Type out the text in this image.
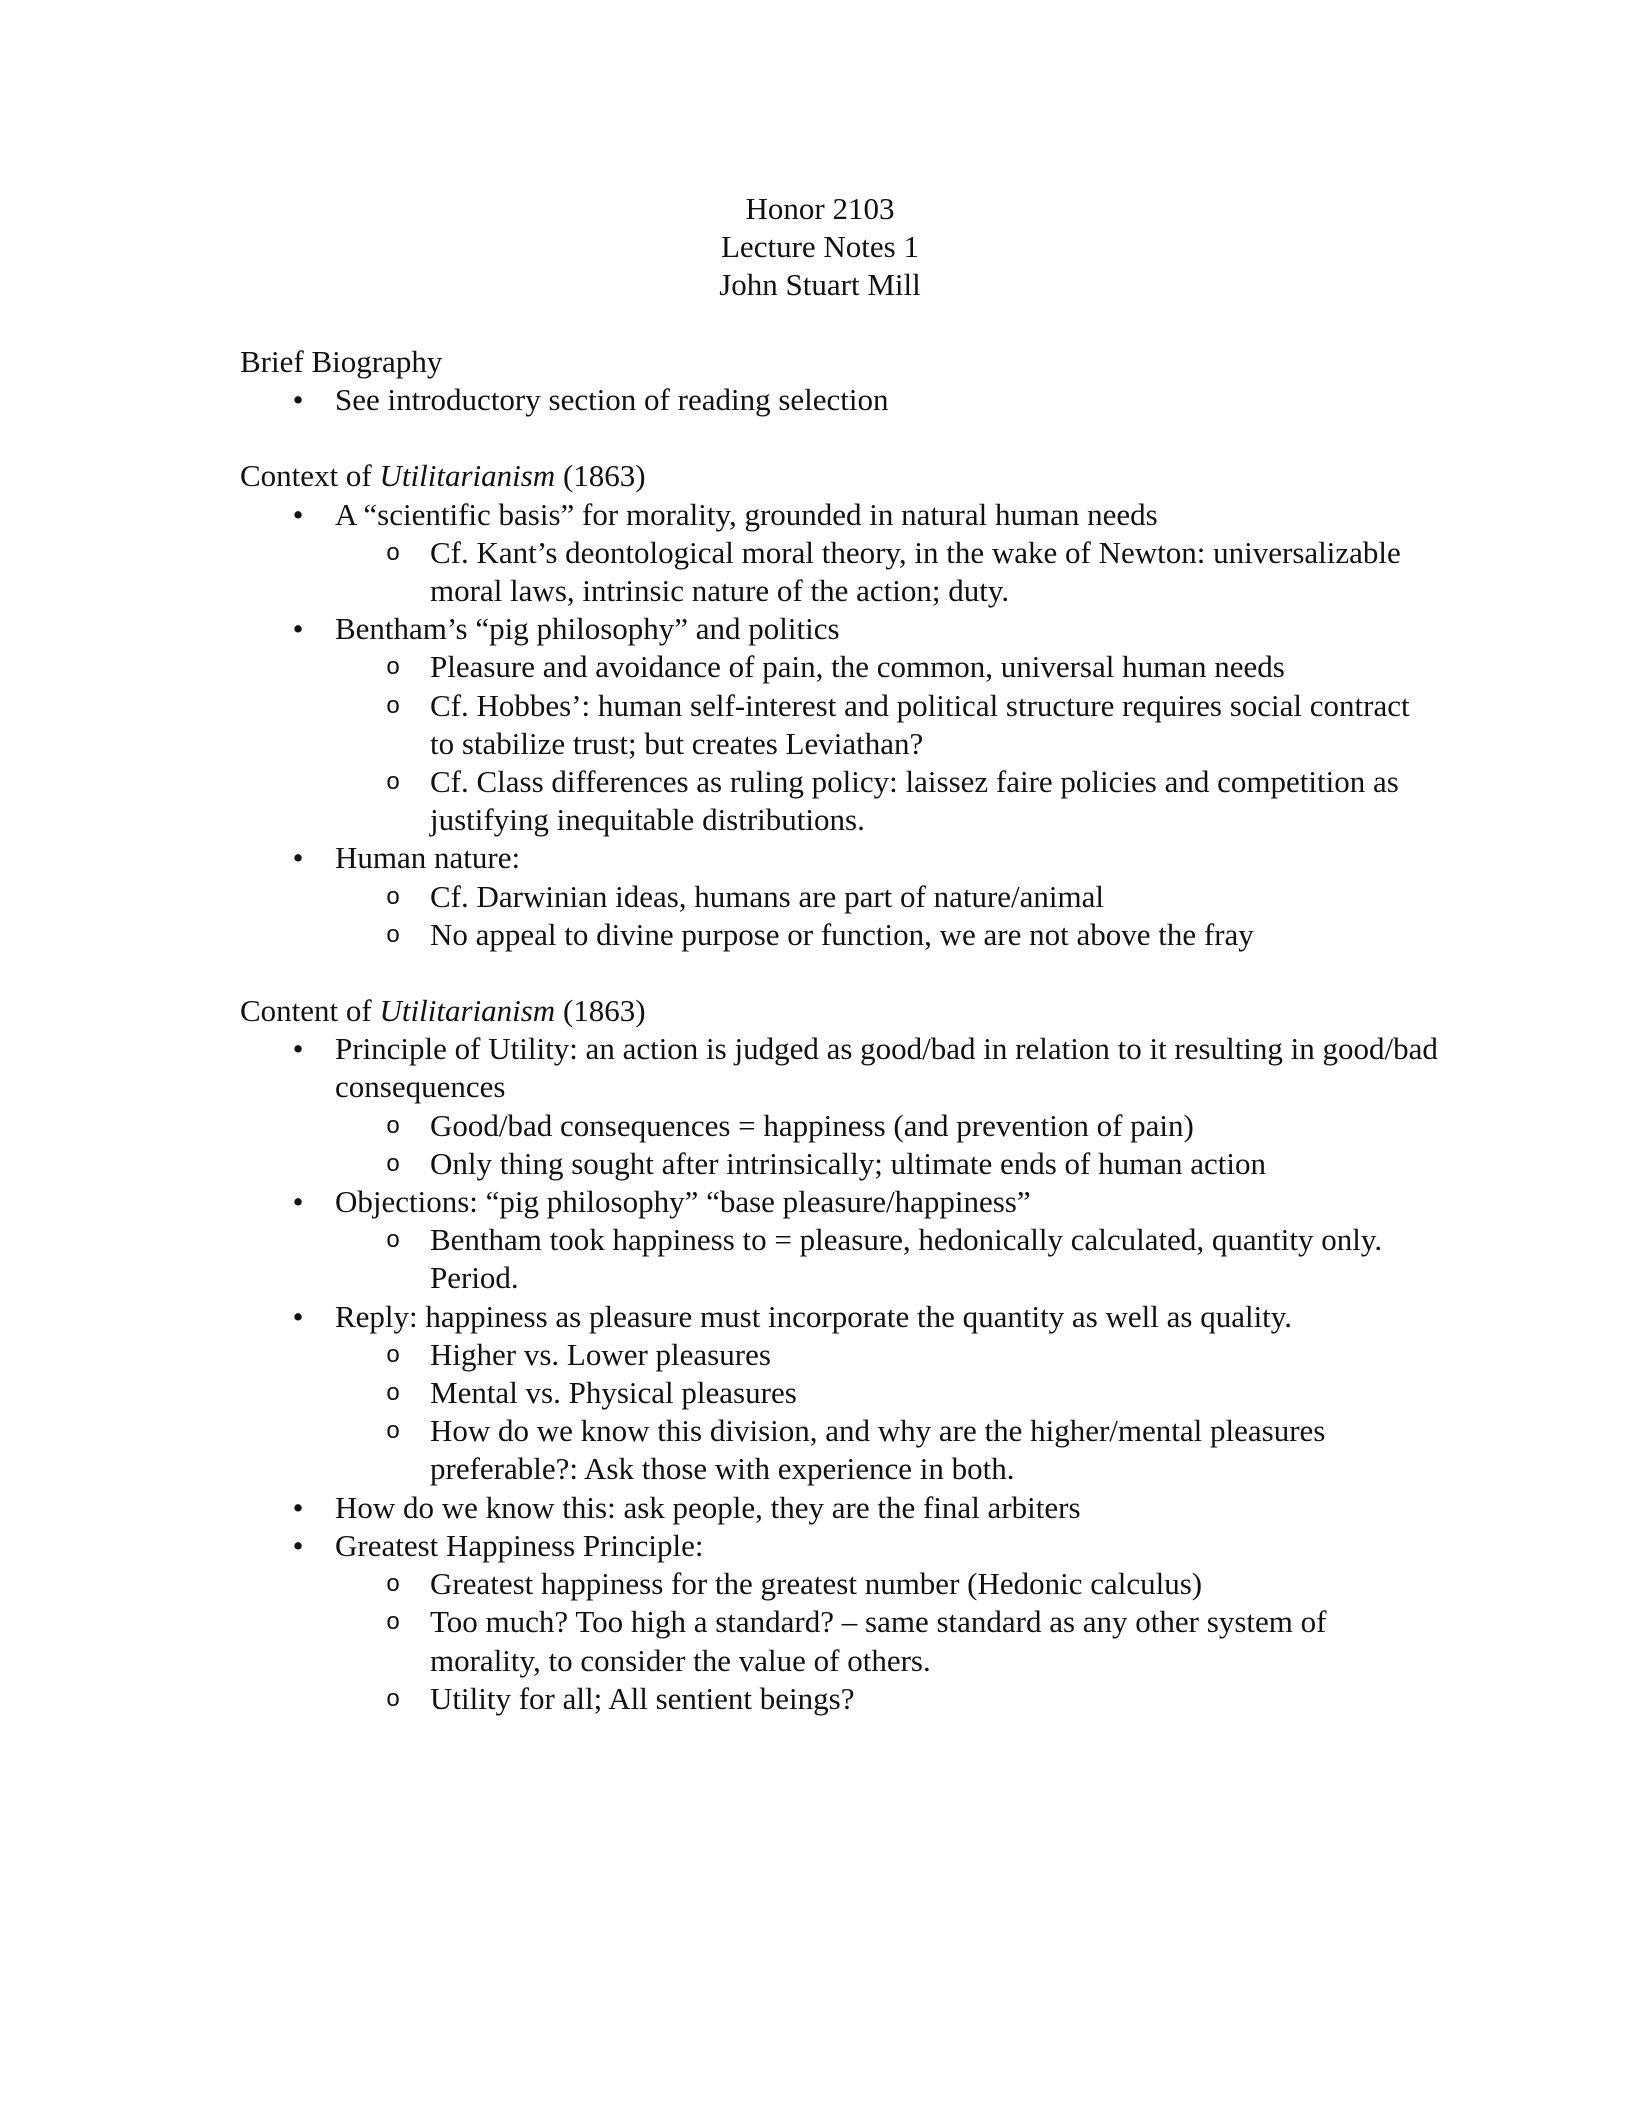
Honor 2103
Lecture Notes 1
John Stuart Mill
Brief Biography
• See introductory section of reading selection
Context of Utilitarianism (1863)
• A “scientific basis” for morality, grounded in natural human needs
o Cf. Kant’s deontological moral theory, in the wake of Newton: universalizable moral laws, intrinsic nature of the action; duty.
• Bentham’s “pig philosophy” and politics
o Pleasure and avoidance of pain, the common, universal human needs
o Cf. Hobbes’: human self-interest and political structure requires social contract to stabilize trust; but creates Leviathan?
o Cf. Class differences as ruling policy: laissez faire policies and competition as justifying inequitable distributions.
• Human nature:
o Cf. Darwinian ideas, humans are part of nature/animal
o No appeal to divine purpose or function, we are not above the fray
Content of Utilitarianism (1863)
• Principle of Utility: an action is judged as good/bad in relation to it resulting in good/bad consequences
o Good/bad consequences = happiness (and prevention of pain)
o Only thing sought after intrinsically; ultimate ends of human action
• Objections: “pig philosophy” “base pleasure/happiness”
o Bentham took happiness to = pleasure, hedonically calculated, quantity only. Period.
• Reply: happiness as pleasure must incorporate the quantity as well as quality.
o Higher vs. Lower pleasures
o Mental vs. Physical pleasures
o How do we know this division, and why are the higher/mental pleasures preferable?: Ask those with experience in both.
• How do we know this: ask people, they are the final arbiters
• Greatest Happiness Principle:
o Greatest happiness for the greatest number (Hedonic calculus)
o Too much? Too high a standard? – same standard as any other system of morality, to consider the value of others.
o Utility for all; All sentient beings?
